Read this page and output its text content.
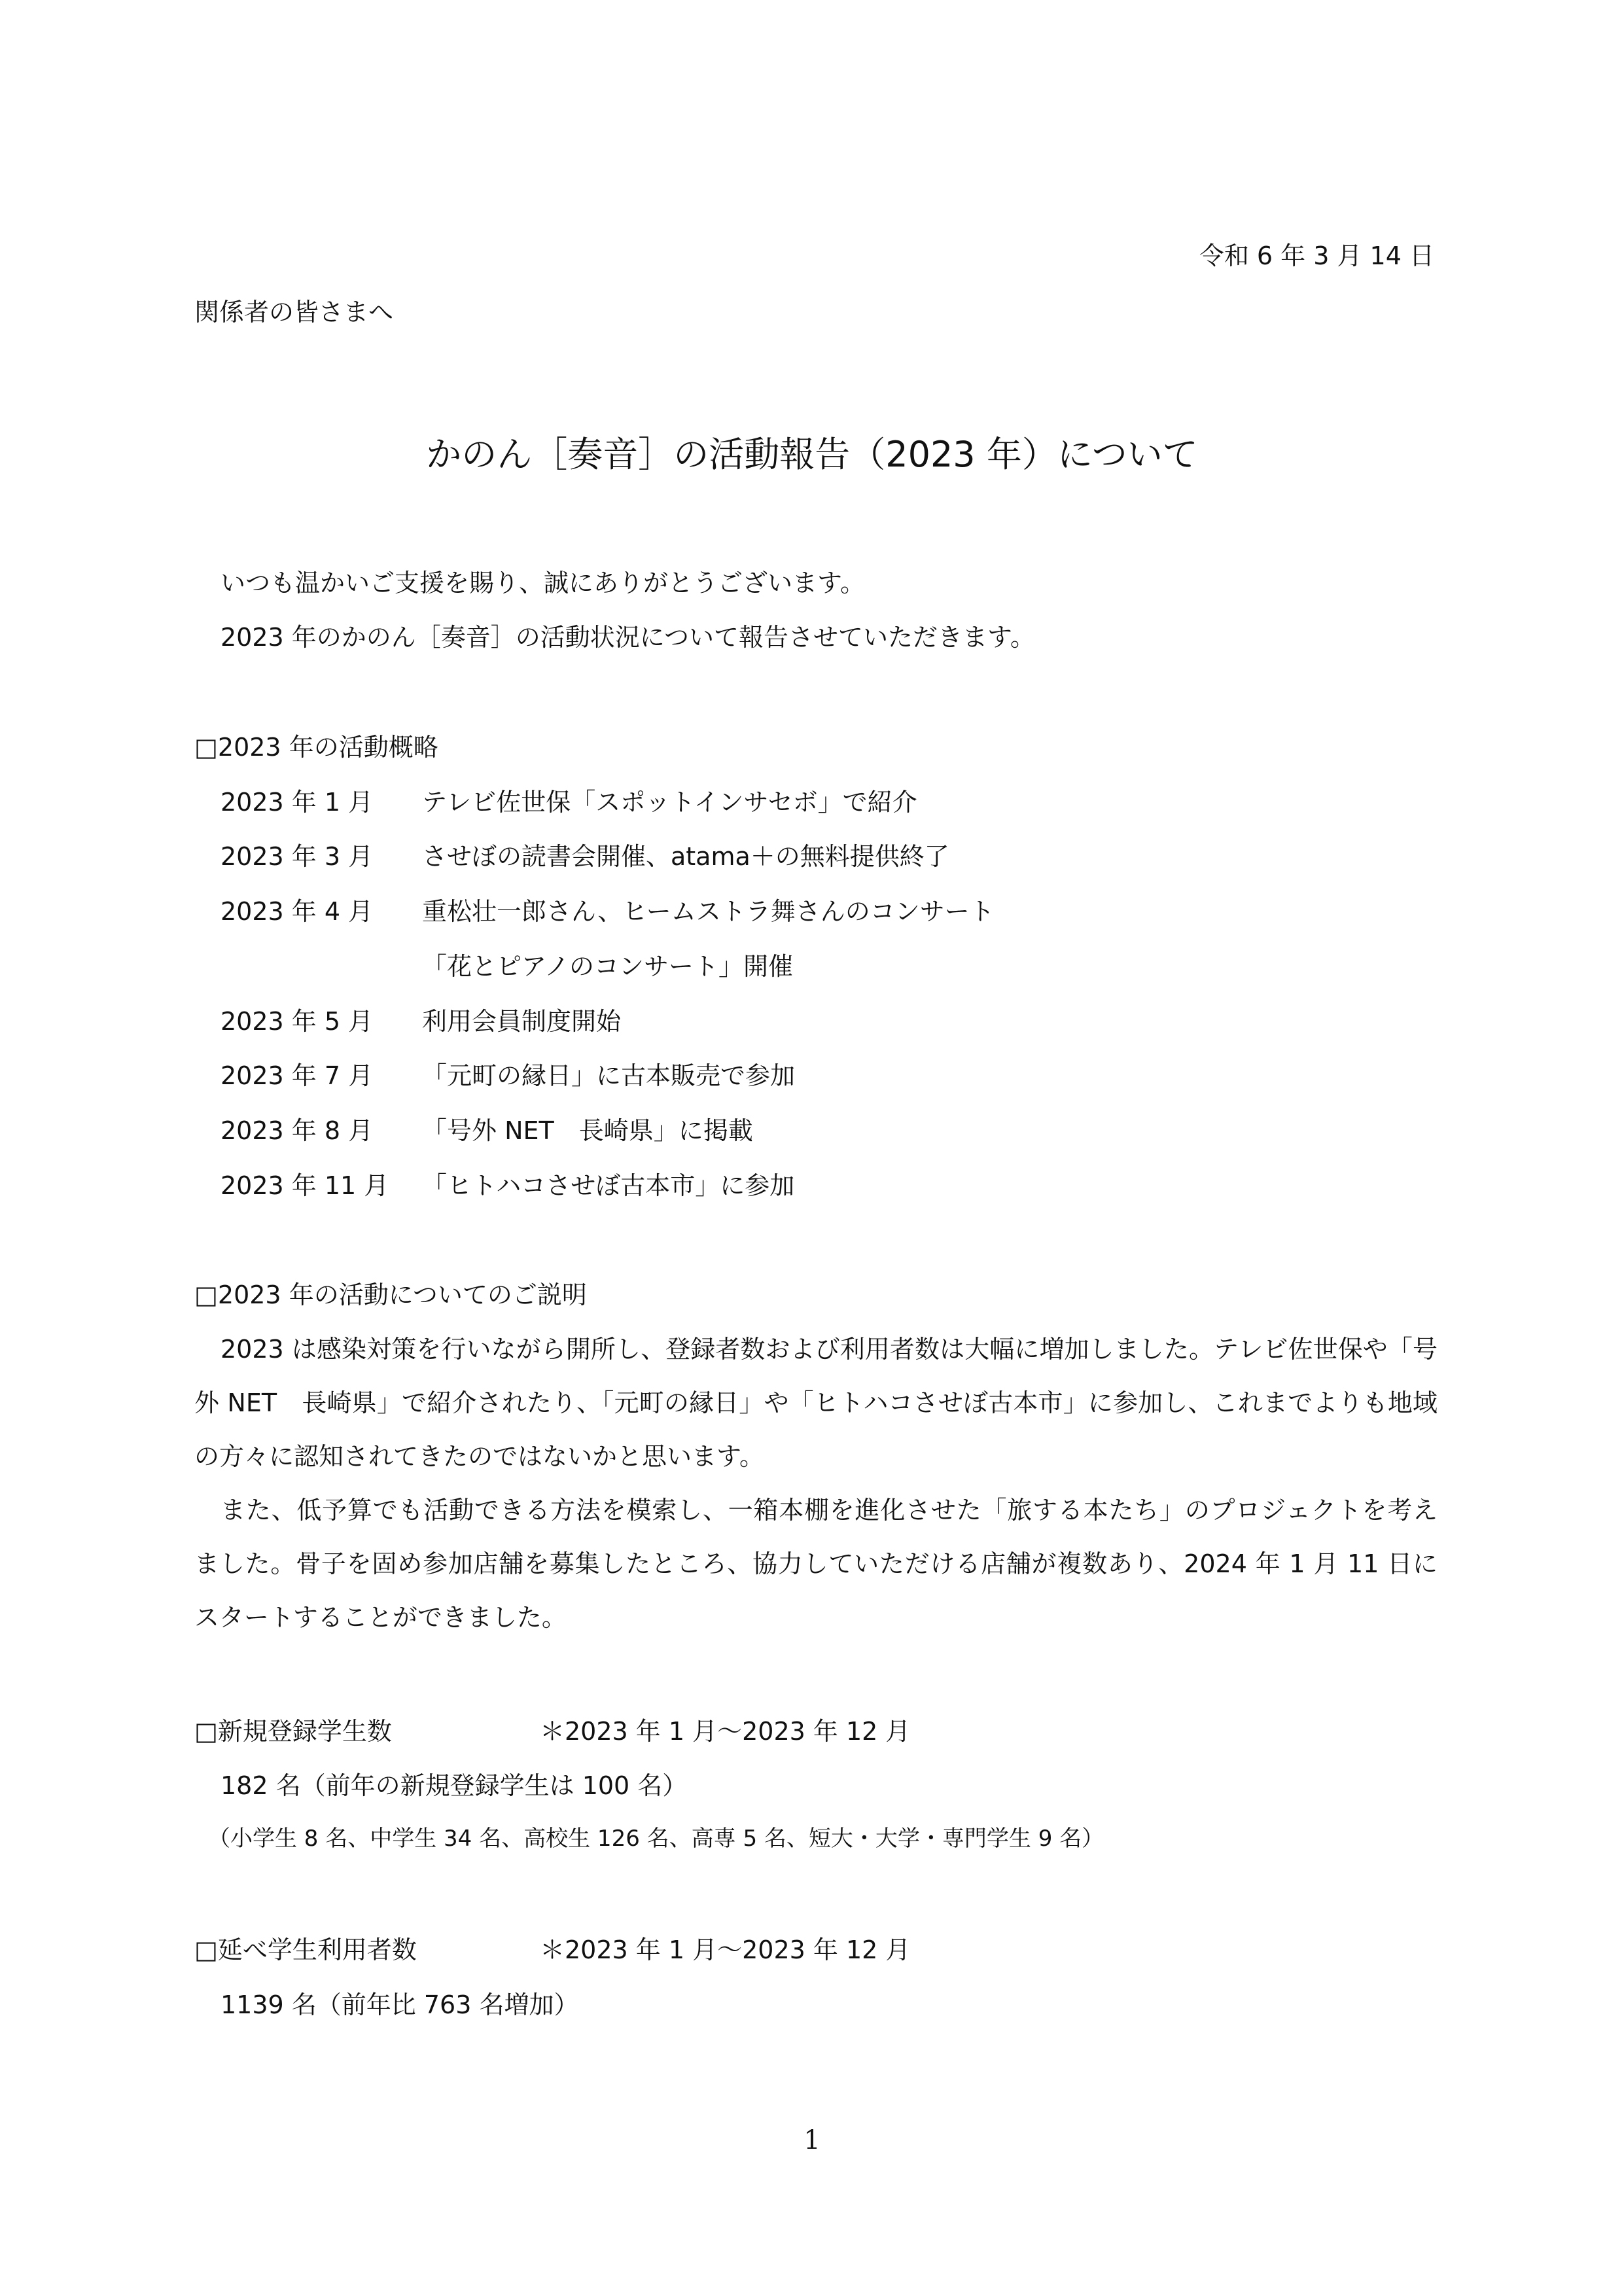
令和 6 年 3 月 14 日
関係者の皆さまへ
かのん［奏音］の活動報告（2023 年）について
いつも温かいご支援を賜り、誠にありがとうございます。
2023 年のかのん［奏音］の活動状況について報告させていただきます。
□2023 年の活動概略
2023 年 1 月 テレビ佐世保「スポットインサセボ」で紹介
2023 年 3 月 させぼの読書会開催、atama＋の無料提供終了
2023 年 4 月 重松壮一郎さん、ヒームストラ舞さんのコンサート
「花とピアノのコンサート」開催
2023 年 5 月 利用会員制度開始
2023 年 7 月 「元町の縁日」に古本販売で参加
2023 年 8 月 「号外 NET　長崎県」に掲載
2023 年 11 月 「ヒトハコさせぼ古本市」に参加
□2023 年の活動についてのご説明

2023 は感染対策を行いながら開所し、登録者数および利用者数は大幅に増加しました。テレビ佐世保や「号外 NET　長崎県」で紹介されたり、「元町の縁日」や「ヒトハコさせぼ古本市」に参加し、これまでよりも地域の方々に認知されてきたのではないかと思います。

また、低予算でも活動できる方法を模索し、一箱本棚を進化させた「旅する本たち」のプロジェクトを考えました。骨子を固め参加店舗を募集したところ、協力していただける店舗が複数あり、2024 年 1 月 11 日にスタートすることができました。

□新規登録学生数	＊2023 年 1 月～2023 年 12 月
182 名（前年の新規登録学生は 100 名）
（小学生 8 名、中学生 34 名、高校生 126 名、高専 5 名、短大・大学・専門学生 9 名）
□延べ学生利用者数	＊2023 年 1 月～2023 年 12 月
1139 名（前年比 763 名増加）
1
